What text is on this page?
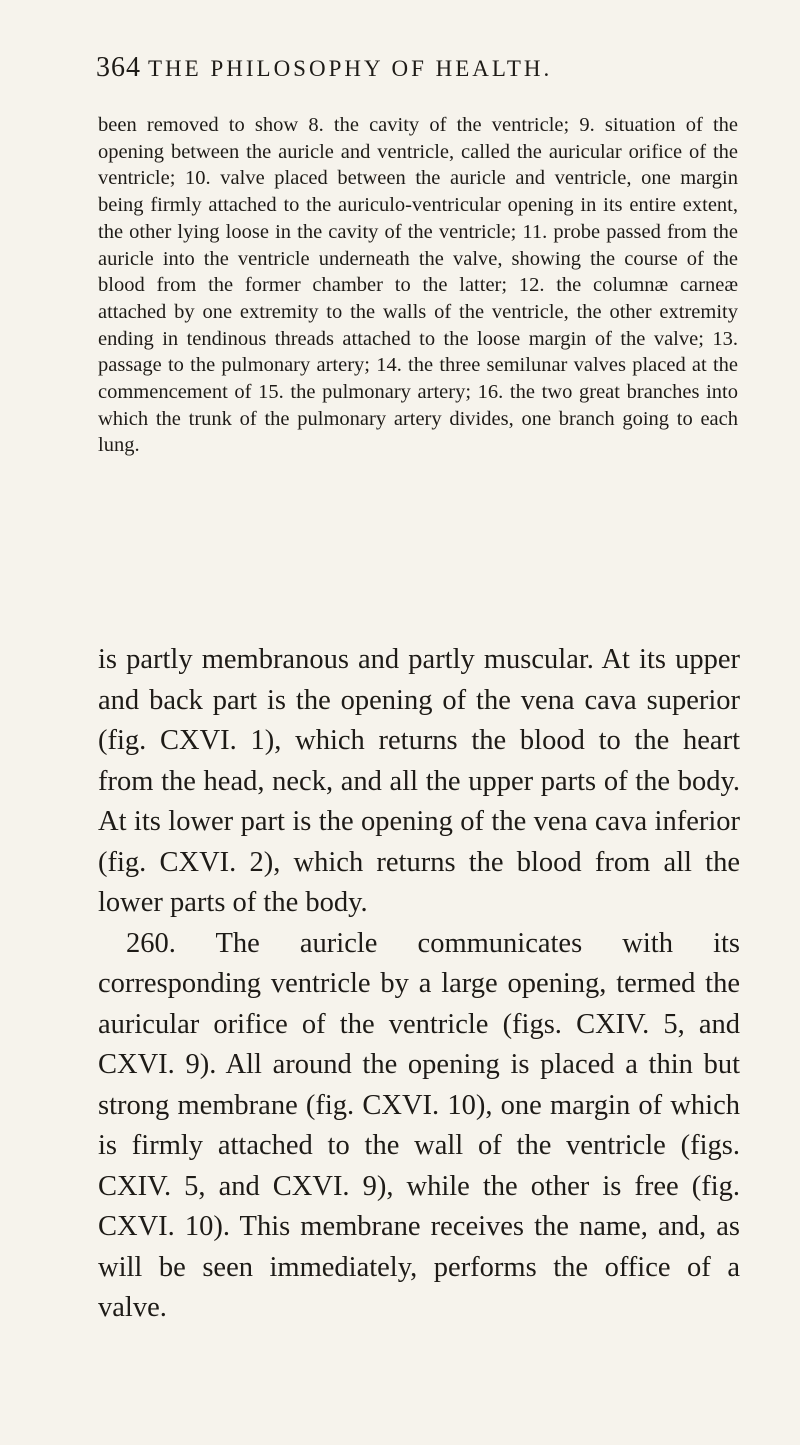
364 THE PHILOSOPHY OF HEALTH.

been removed to show 8. the cavity of the ventricle; 9. situation of the opening between the auricle and ventricle, called the auricular orifice of the ventricle; 10. valve placed between the auricle and ventricle, one margin being firmly attached to the auriculo-ventricular opening in its entire extent, the other lying loose in the cavity of the ventricle; 11. probe passed from the auricle into the ventricle underneath the valve, showing the course of the blood from the former chamber to the latter; 12. the columnæ carneæ attached by one extremity to the walls of the ventricle, the other extremity ending in tendinous threads attached to the loose margin of the valve; 13. passage to the pulmonary artery; 14. the three semilunar valves placed at the commencement of 15. the pulmonary artery; 16. the two great branches into which the trunk of the pulmonary artery divides, one branch going to each lung.

is partly membranous and partly muscular. At its upper and back part is the opening of the vena cava superior (fig. CXVI. 1), which returns the blood to the heart from the head, neck, and all the upper parts of the body. At its lower part is the opening of the vena cava inferior (fig. CXVI. 2), which returns the blood from all the lower parts of the body.

260. The auricle communicates with its corresponding ventricle by a large opening, termed the auricular orifice of the ventricle (figs. CXIV. 5, and CXVI. 9). All around the opening is placed a thin but strong membrane (fig. CXVI. 10), one margin of which is firmly attached to the wall of the ventricle (figs. CXIV. 5, and CXVI. 9), while the other is free (fig. CXVI. 10). This membrane receives the name, and, as will be seen immediately, performs the office of a valve.
